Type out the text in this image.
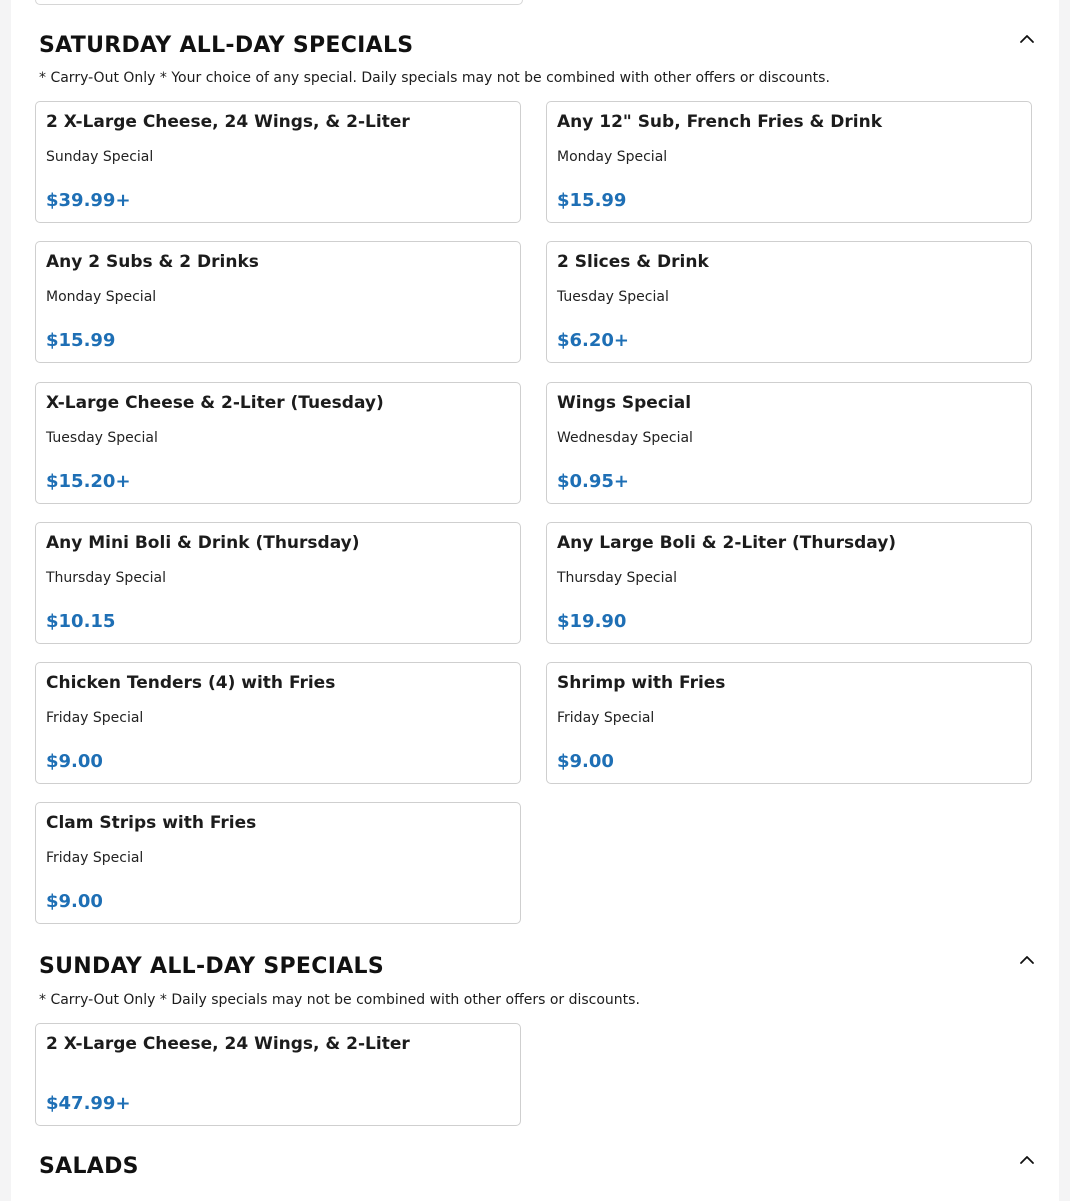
SATURDAY ALL-DAY SPECIALS

* Carry-Out Only * Your choice of any special. Daily specials may not be combined with other offers or discounts.

2 X-Large Cheese, 24 Wings, & 2-Liter
Sunday Special
$39.99+
Any 12" Sub, French Fries & Drink
Monday Special
$15.99
Any 2 Subs & 2 Drinks
Monday Special
$15.99
2 Slices & Drink
Tuesday Special
$6.20+
X-Large Cheese & 2-Liter (Tuesday)
Tuesday Special
$15.20+
Wings Special
Wednesday Special
$0.95+
Any Mini Boli & Drink (Thursday)
Thursday Special
$10.15
Any Large Boli & 2-Liter (Thursday)
Thursday Special
$19.90
Chicken Tenders (4) with Fries
Friday Special
$9.00
Shrimp with Fries
Friday Special
$9.00
Clam Strips with Fries
Friday Special
$9.00
SUNDAY ALL-DAY SPECIALS

* Carry-Out Only * Daily specials may not be combined with other offers or discounts.

2 X-Large Cheese, 24 Wings, & 2-Liter
$47.99+
SALADS
